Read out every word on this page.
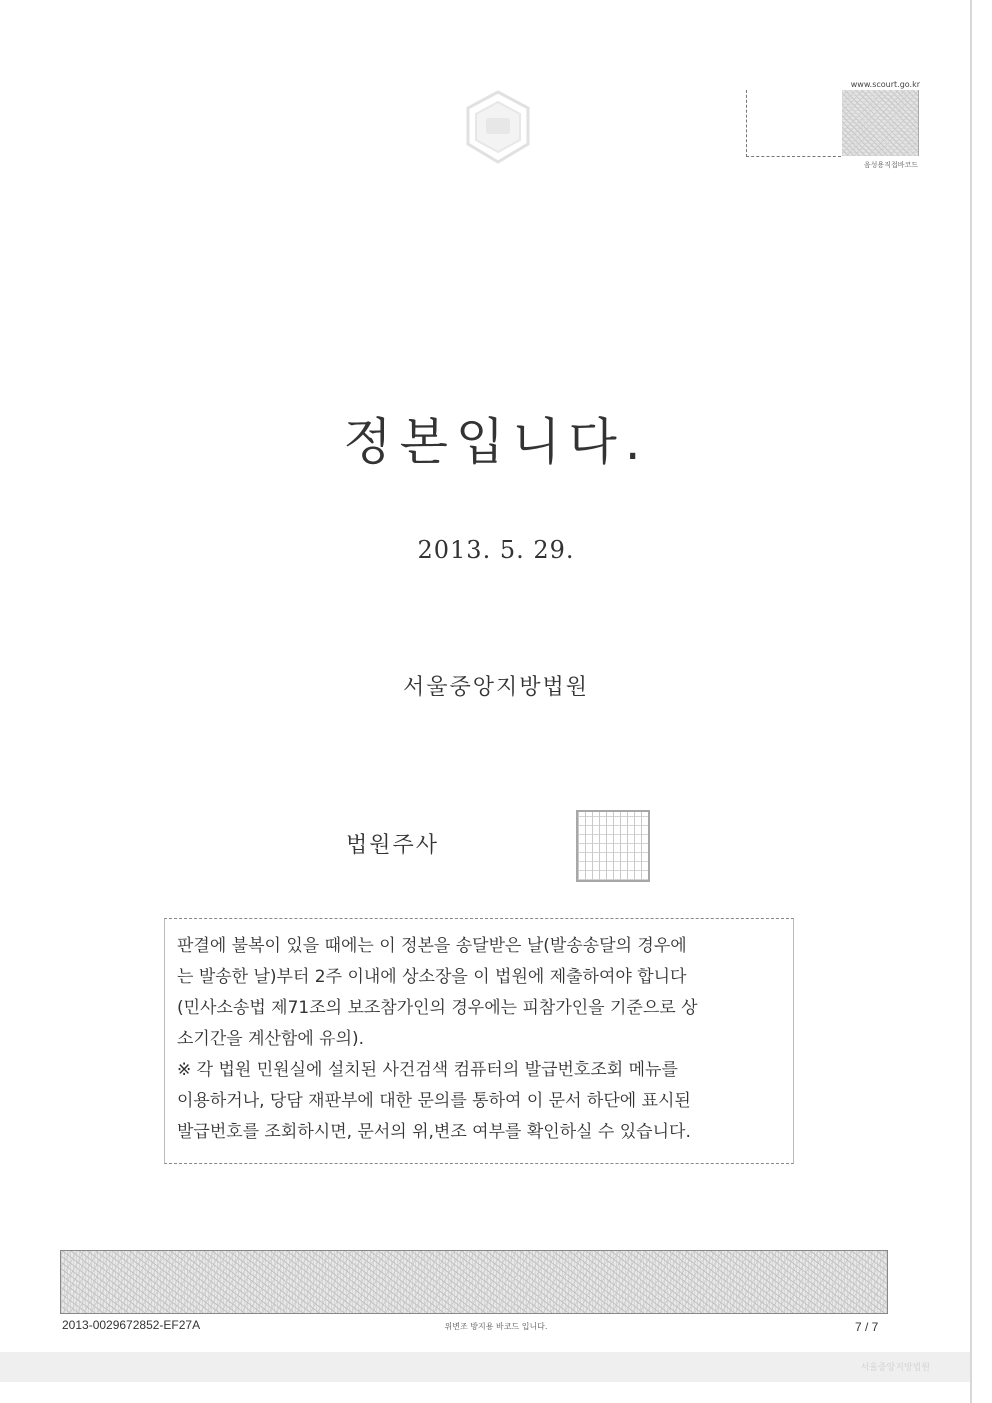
www.scourt.go.kr
음성용직접바코드
정본입니다.
2013. 5. 29.
서울중앙지방법원
법원주사

판결에 불복이 있을 때에는 이 정본을 송달받은 날(발송송달의 경우에

는 발송한 날)부터 2주 이내에 상소장을 이 법원에 제출하여야 합니다

(민사소송법 제71조의 보조참가인의 경우에는 피참가인을 기준으로 상

소기간을 계산함에 유의).

※ 각 법원 민원실에 설치된 사건검색 컴퓨터의 발급번호조회 메뉴를

이용하거나, 당담 재판부에 대한 문의를 통하여 이 문서 하단에 표시된

발급번호를 조회하시면, 문서의 위,변조 여부를 확인하실 수 있습니다.

2013-0029672852-EF27A	위변조 방지용 바코드 입니다.	7 / 7
서울중앙지방법원
